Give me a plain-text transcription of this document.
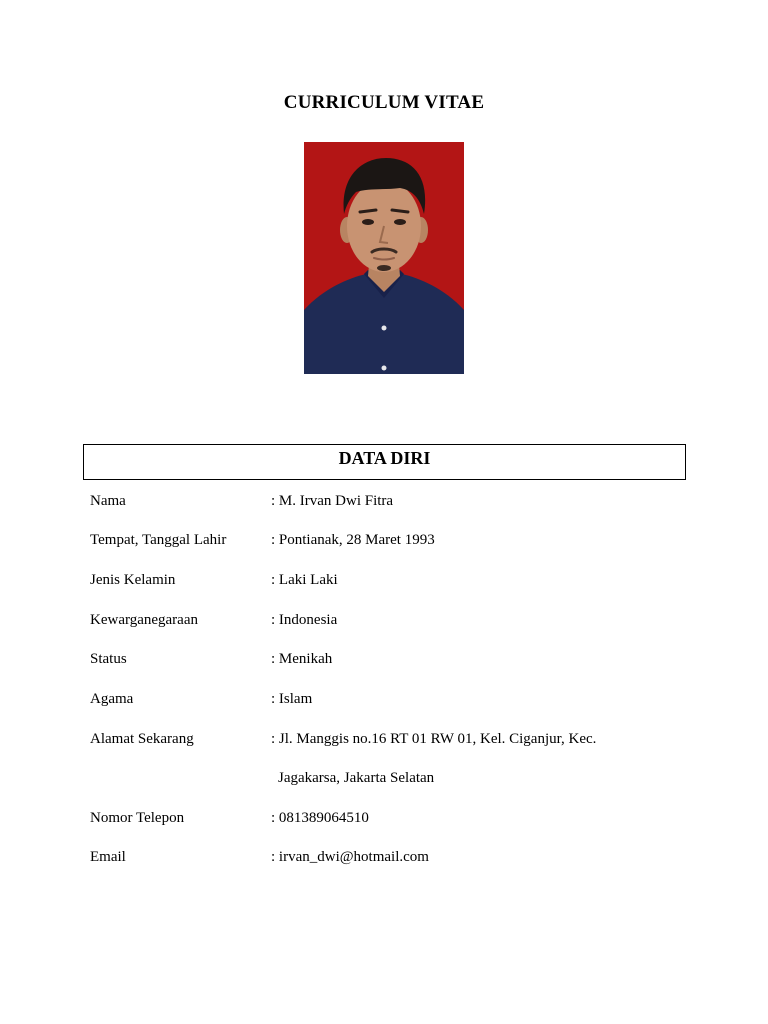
CURRICULUM VITAE
DATA DIRI
Nama	: M. Irvan Dwi Fitra
Tempat, Tanggal Lahir	: Pontianak, 28 Maret 1993
Jenis Kelamin	: Laki Laki
Kewarganegaraan	: Indonesia
Status	: Menikah
Agama	: Islam
Alamat Sekarang	: Jl. Manggis no.16 RT 01 RW 01, Kel. Ciganjur, Kec.
Jagakarsa, Jakarta Selatan
Nomor Telepon	: 081389064510
Email	: irvan_dwi@hotmail.com
